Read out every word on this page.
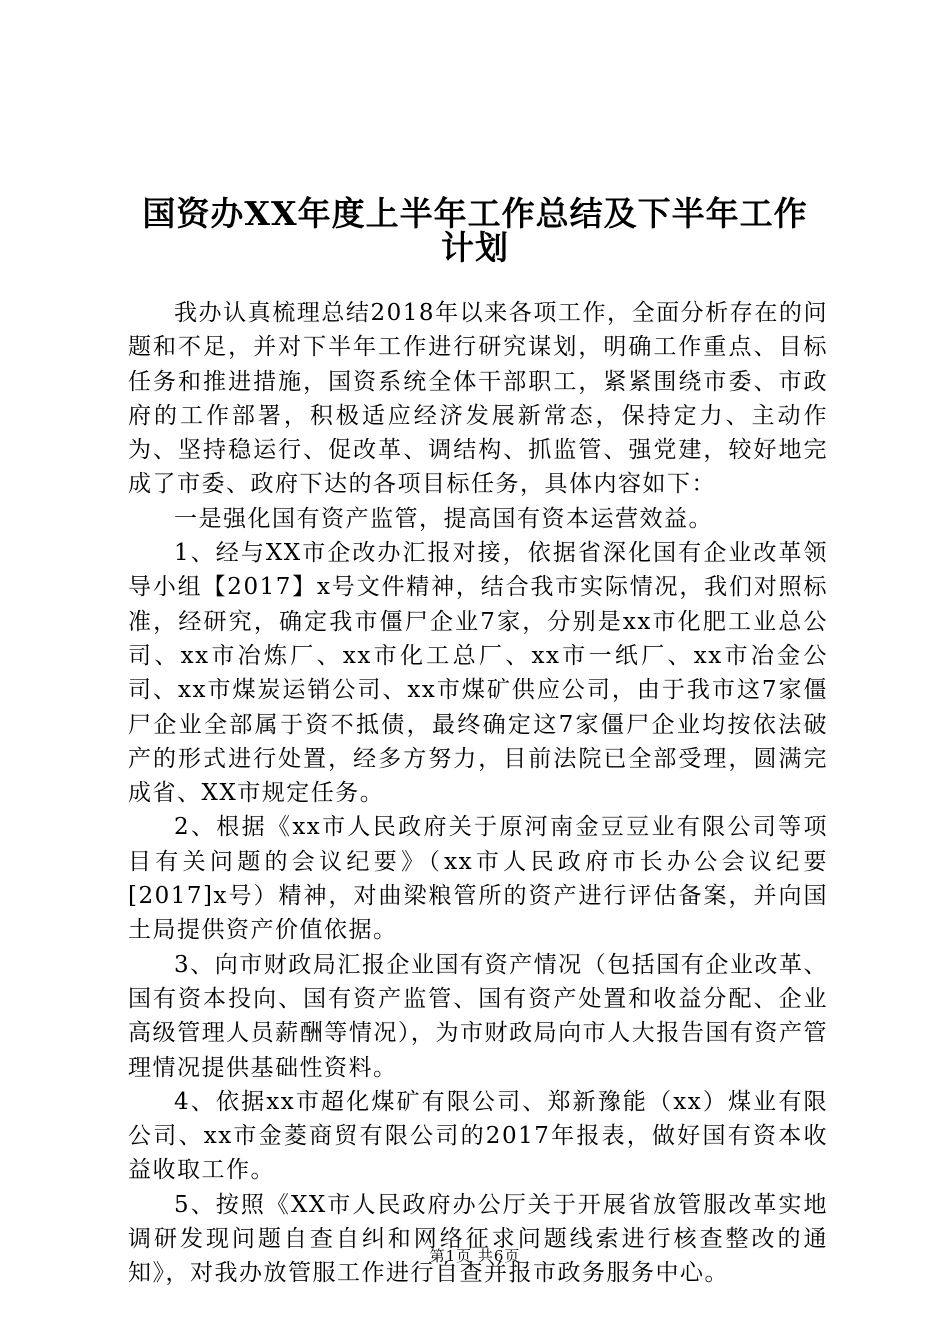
国资办XX年度上半年工作总结及下半年工作
计划

我办认真梳理总结2018年以来各项工作，全面分析存在的问题和不足，并对下半年工作进行研究谋划，明确工作重点、目标任务和推进措施，国资系统全体干部职工，紧紧围绕市委、市政府的工作部署，积极适应经济发展新常态，保持定力、主动作为、坚持稳运行、促改革、调结构、抓监管、强党建，较好地完成了市委、政府下达的各项目标任务，具体内容如下：

一是强化国有资产监管，提高国有资本运营效益。

1、经与XX市企改办汇报对接，依据省深化国有企业改革领导小组【2017】x号文件精神，结合我市实际情况，我们对照标准，经研究，确定我市僵尸企业7家，分别是xx市化肥工业总公司、xx市冶炼厂、xx市化工总厂、xx市一纸厂、xx市冶金公司、xx市煤炭运销公司、xx市煤矿供应公司，由于我市这7家僵尸企业全部属于资不抵债，最终确定这7家僵尸企业均按依法破产的形式进行处置，经多方努力，目前法院已全部受理，圆满完成省、XX市规定任务。

2、根据《xx市人民政府关于原河南金豆豆业有限公司等项目有关问题的会议纪要》（xx市人民政府市长办公会议纪要[2017]x号）精神，对曲梁粮管所的资产进行评估备案，并向国土局提供资产价值依据。

3、向市财政局汇报企业国有资产情况（包括国有企业改革、国有资本投向、国有资产监管、国有资产处置和收益分配、企业高级管理人员薪酬等情况），为市财政局向市人大报告国有资产管理情况提供基础性资料。

4、依据xx市超化煤矿有限公司、郑新豫能（xx）煤业有限公司、xx市金菱商贸有限公司的2017年报表，做好国有资本收益收取工作。

5、按照《XX市人民政府办公厅关于开展省放管服改革实地调研发现问题自查自纠和网络征求问题线索进行核查整改的通知》，对我办放管服工作进行自查并报市政务服务中心。

第1页 共6页
